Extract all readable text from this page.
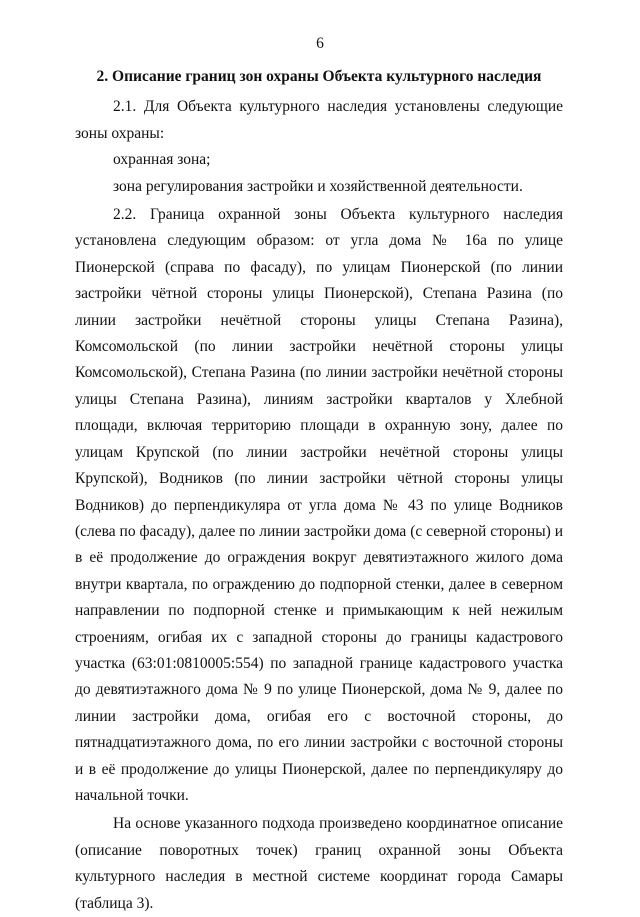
6

2. Описание границ зон охраны Объекта культурного наследия

2.1. Для Объекта культурного наследия установлены следующие зоны охраны:

охранная зона;

зона регулирования застройки и хозяйственной деятельности.

2.2. Граница охранной зоны Объекта культурного наследия установлена следующим образом: от угла дома № 16а по улице Пионерской (справа по фасаду), по улицам Пионерской (по линии застройки чётной стороны улицы Пионерской), Степана Разина (по линии застройки нечётной стороны улицы Степана Разина), Комсомольской (по линии застройки нечётной стороны улицы Комсомольской), Степана Разина (по линии застройки нечётной стороны улицы Степана Разина), линиям застройки кварталов у Хлебной площади, включая территорию площади в охранную зону, далее по улицам Крупской (по линии застройки нечётной стороны улицы Крупской), Водников (по линии застройки чётной стороны улицы Водников) до перпендикуляра от угла дома № 43 по улице Водников (слева по фасаду), далее по линии застройки дома (с северной стороны) и в её продолжение до ограждения вокруг девятиэтажного жилого дома внутри квартала, по ограждению до подпорной стенки, далее в северном направлении по подпорной стенке и примыкающим к ней нежилым строениям, огибая их с западной стороны до границы кадастрового участка (63:01:0810005:554) по западной границе кадастрового участка до девятиэтажного дома № 9 по улице Пионерской, дома № 9, далее по линии застройки дома, огибая его с восточной стороны, до пятнадцатиэтажного дома, по его линии застройки с восточной стороны и в её продолжение до улицы Пионерской, далее по перпендикуляру до начальной точки.

На основе указанного подхода произведено координатное описание (описание поворотных точек) границ охранной зоны Объекта культурного наследия в местной системе координат города Самары (таблица 3).
